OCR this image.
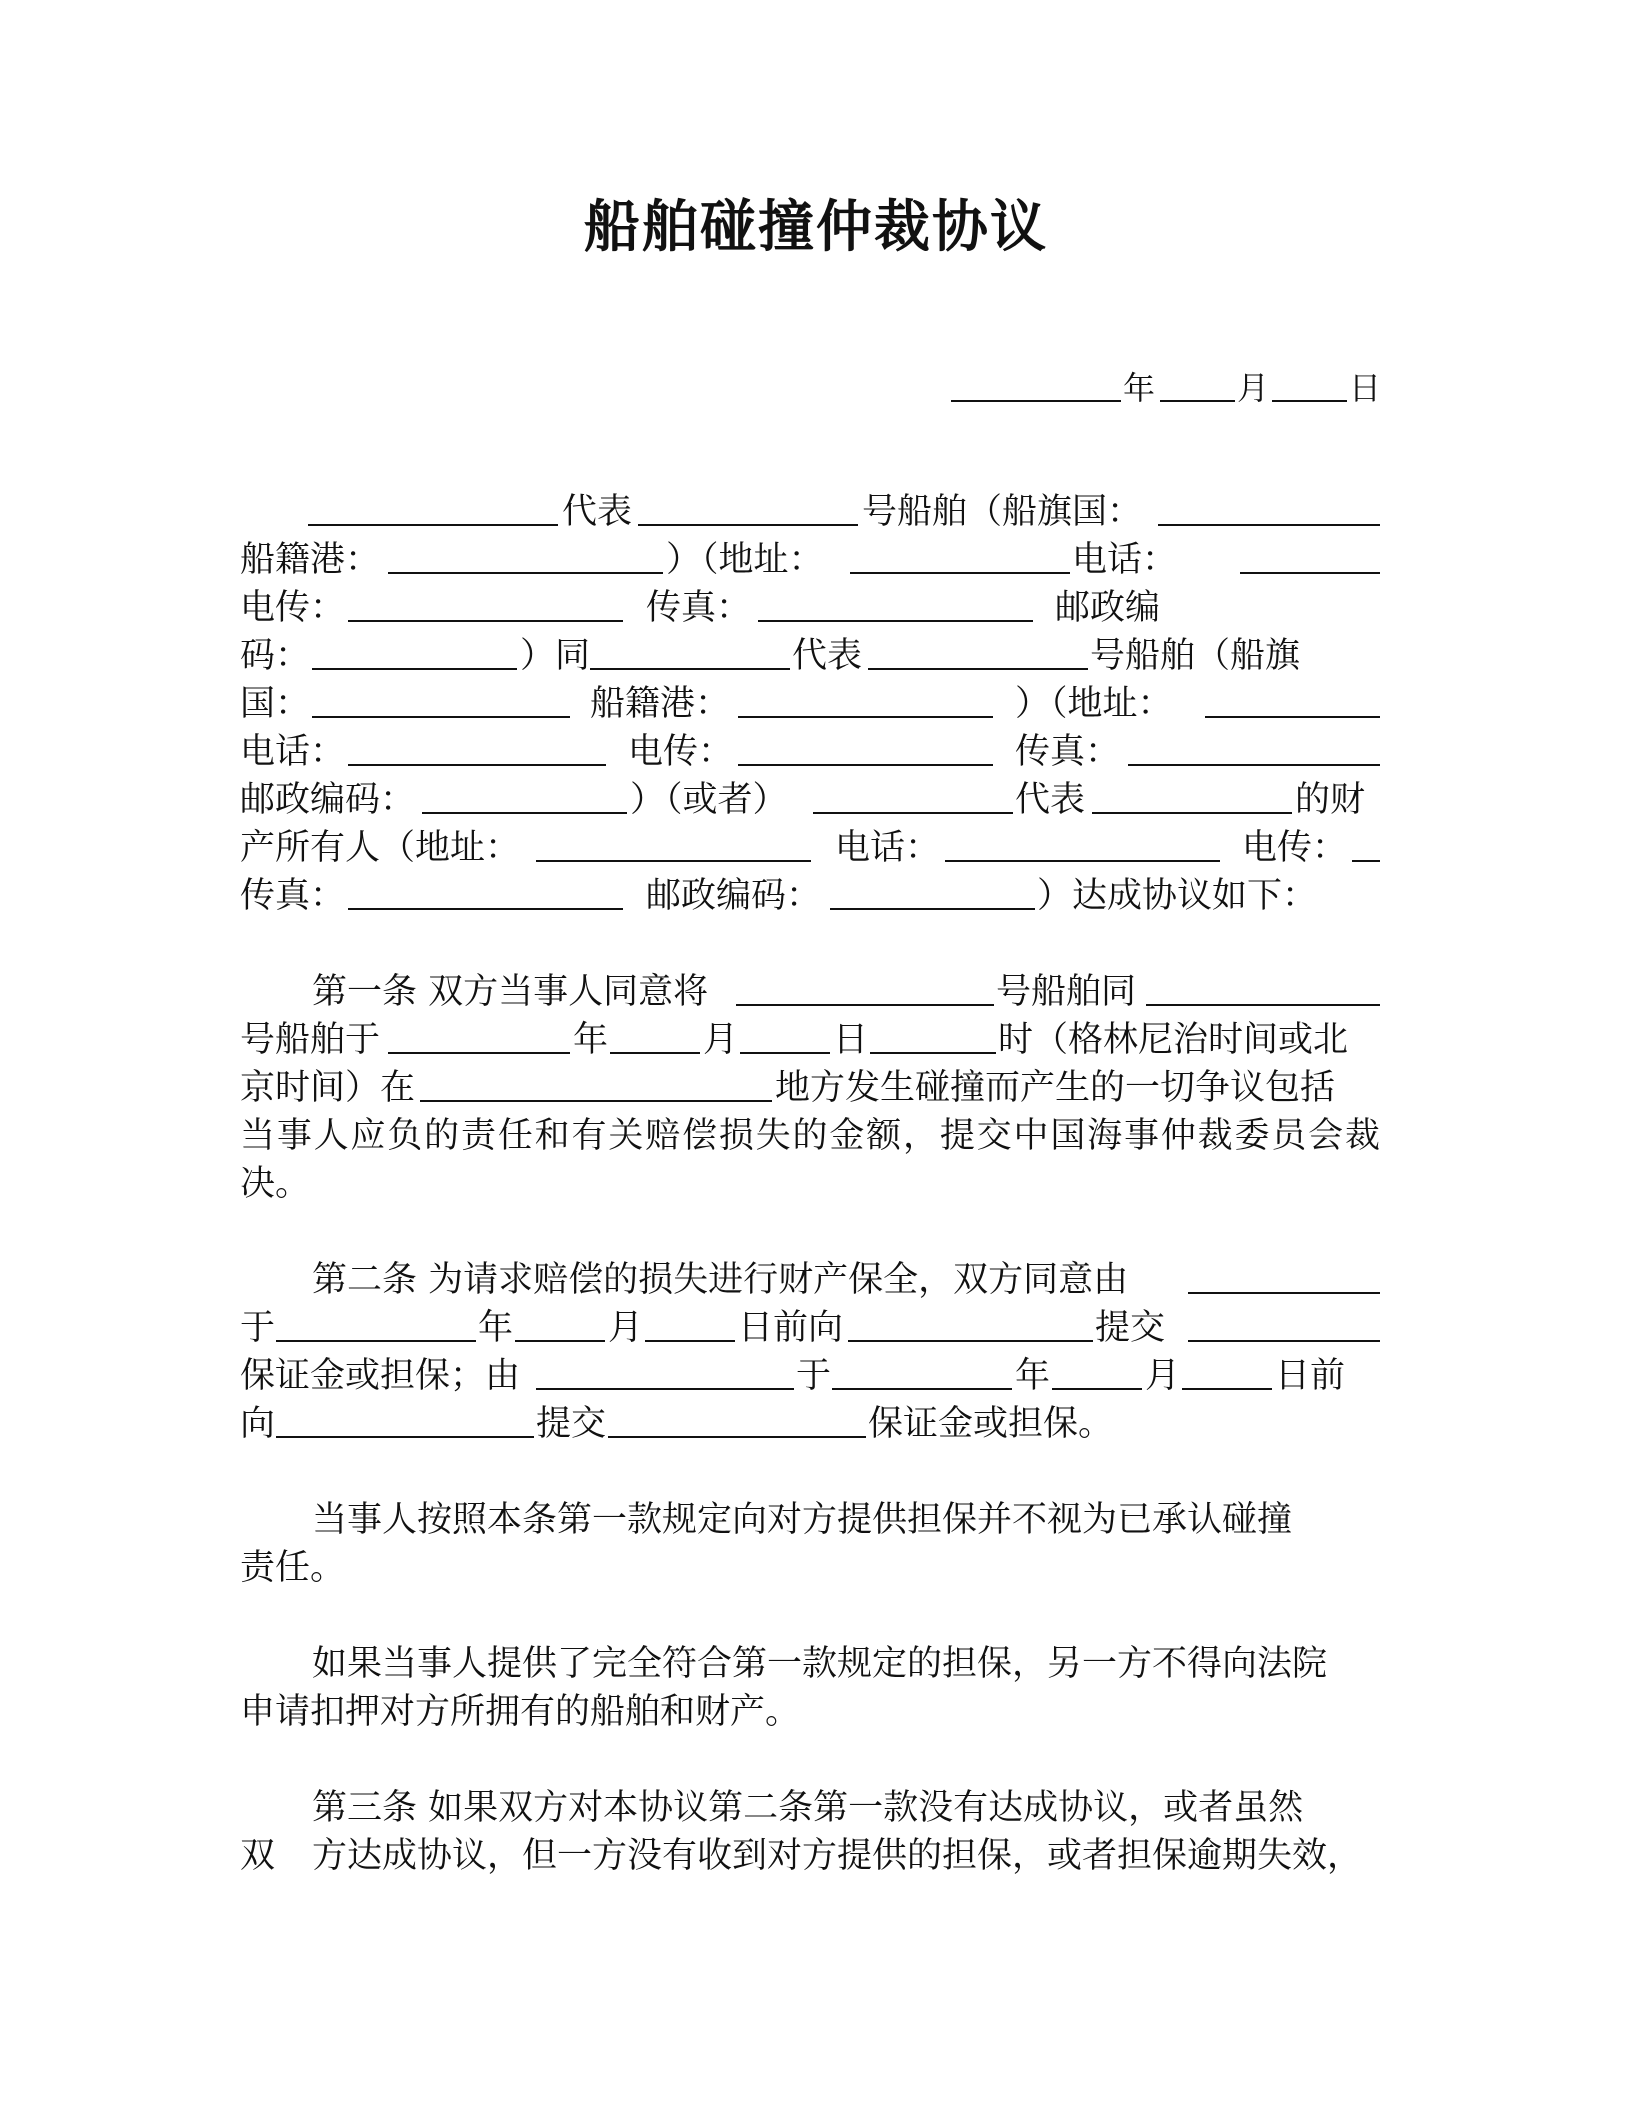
船舶碰撞仲裁协议
年	月 日
代表	号船舶（船旗国：
船籍港：	）（地址：	电话：
电传：	传真：	邮政编
码：	）同	代表	号船舶（船旗
国：	船籍港：	）（地址：
电话：	电传：	传真：
邮政编码：	）（或者）	代表	的财
产所有人（地址：	电话：	电传：
传真：	邮政编码：	）达成协议如下：
第一条 双方当事人同意将	号船舶同
号船舶于	年	月	日	时（格林尼治时间或北
京时间）在	地方发生碰撞而产生的一切争议包括
当事人应负的责任和有关赔偿损失的金额，提交中国海事仲裁委员会裁
决。
第二条 为请求赔偿的损失进行财产保全，双方同意由
于	年	月	日前向	提交
保证金或担保；由	于	年	月	日前
向	提交	保证金或担保。
当事人按照本条第一款规定向对方提供担保并不视为已承认碰撞
责任。
如果当事人提供了完全符合第一款规定的担保，另一方不得向法院
申请扣押对方所拥有的船舶和财产。
第三条 如果双方对本协议第二条第一款没有达成协议，或者虽然
双 方达成协议，但一方没有收到对方提供的担保，或者担保逾期失效，
